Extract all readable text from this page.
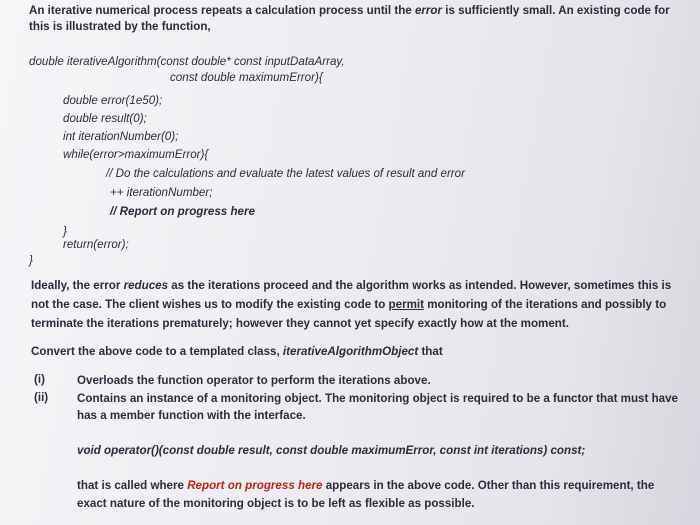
An iterative numerical process repeats a calculation process until the error is sufficiently small. An existing code for
this is illustrated by the function,
double iterativeAlgorithm(const double* const inputDataArray,
const double maximumError){
double error(1e50);
double result(0);
int iterationNumber(0);
while(error>maximumError){
// Do the calculations and evaluate the latest values of result and error
++ iterationNumber;
// Report on progress here
}
return(error);
}
Ideally, the error reduces as the iterations proceed and the algorithm works as intended. However, sometimes this is
not the case. The client wishes us to modify the existing code to permit monitoring of the iterations and possibly to
terminate the iterations prematurely; however they cannot yet specify exactly how at the moment.
Convert the above code to a templated class, iterativeAlgorithmObject that
(i)	Overloads the function operator to perform the iterations above.
(ii) Contains an instance of a monitoring object. The monitoring object is required to be a functor that must have
has a member function with the interface.
void operator()(const double result, const double maximumError, const int iterations) const;
that is called where Report on progress here appears in the above code. Other than this requirement, the
exact nature of the monitoring object is to be left as flexible as possible.
